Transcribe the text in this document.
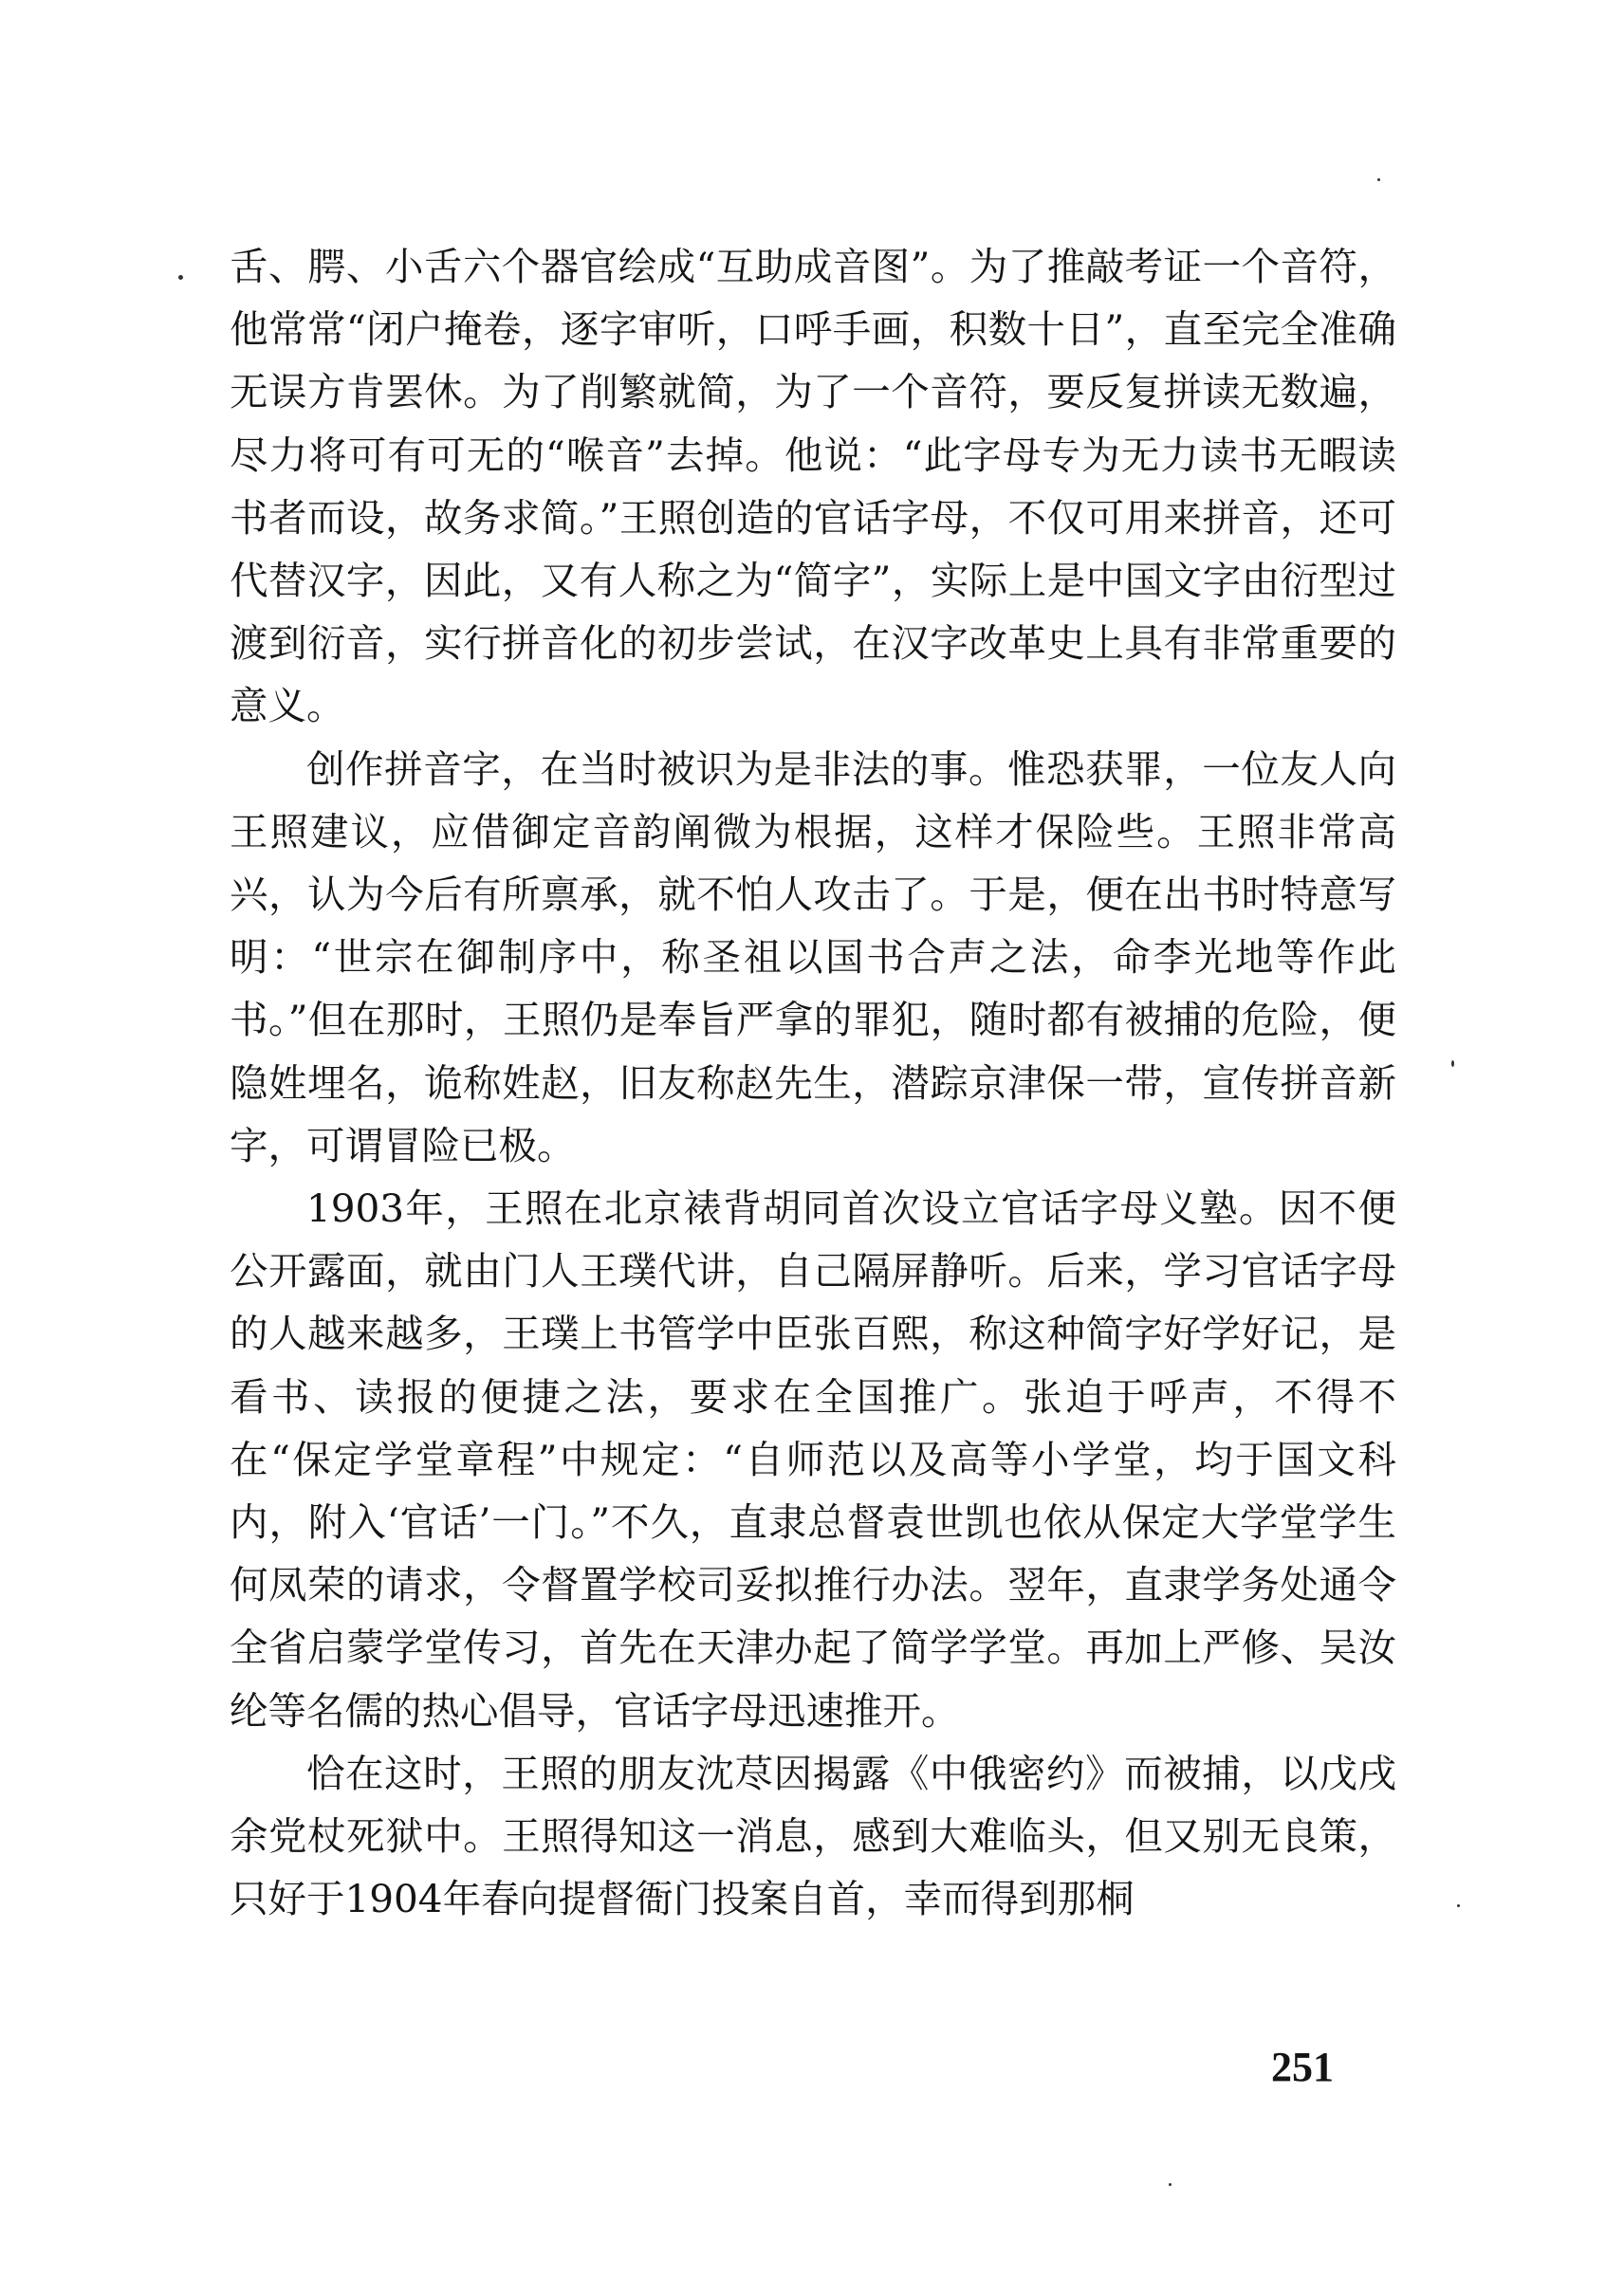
舌、腭、小舌六个器官绘成“互助成音图”。为了推敲考证一个音符，他常常“闭户掩卷，逐字审听，口呼手画，积数十日”，直至完全准确无误方肯罢休。为了削繁就简，为了一个音符，要反复拼读无数遍，尽力将可有可无的“喉音”去掉。他说：“此字母专为无力读书无暇读书者而设，故务求简。”王照创造的官话字母，不仅可用来拼音，还可代替汉字，因此，又有人称之为“简字”，实际上是中国文字由衍型过渡到衍音，实行拼音化的初步尝试，在汉字改革史上具有非常重要的意义。

创作拼音字，在当时被识为是非法的事。惟恐获罪，一位友人向王照建议，应借御定音韵阐微为根据，这样才保险些。王照非常高兴，认为今后有所禀承，就不怕人攻击了。于是，便在出书时特意写明：“世宗在御制序中，称圣祖以国书合声之法，命李光地等作此书。”但在那时，王照仍是奉旨严拿的罪犯，随时都有被捕的危险，便隐姓埋名，诡称姓赵，旧友称赵先生，潜踪京津保一带，宣传拼音新字，可谓冒险已极。

1903年，王照在北京裱背胡同首次设立官话字母义塾。因不便公开露面，就由门人王璞代讲，自己隔屏静听。后来，学习官话字母的人越来越多，王璞上书管学中臣张百熙，称这种简字好学好记，是看书、读报的便捷之法，要求在全国推广。张迫于呼声，不得不在“保定学堂章程”中规定：“自师范以及高等小学堂，均于国文科内，附入‘官话’一门。”不久，直隶总督袁世凯也依从保定大学堂学生何凤荣的请求，令督置学校司妥拟推行办法。翌年，直隶学务处通令全省启蒙学堂传习，首先在天津办起了简学学堂。再加上严修、吴汝纶等名儒的热心倡导，官话字母迅速推开。

恰在这时，王照的朋友沈荩因揭露《中俄密约》而被捕，以戊戌余党杖死狱中。王照得知这一消息，感到大难临头，但又别无良策，只好于1904年春向提督衙门投案自首，幸而得到那桐

251
